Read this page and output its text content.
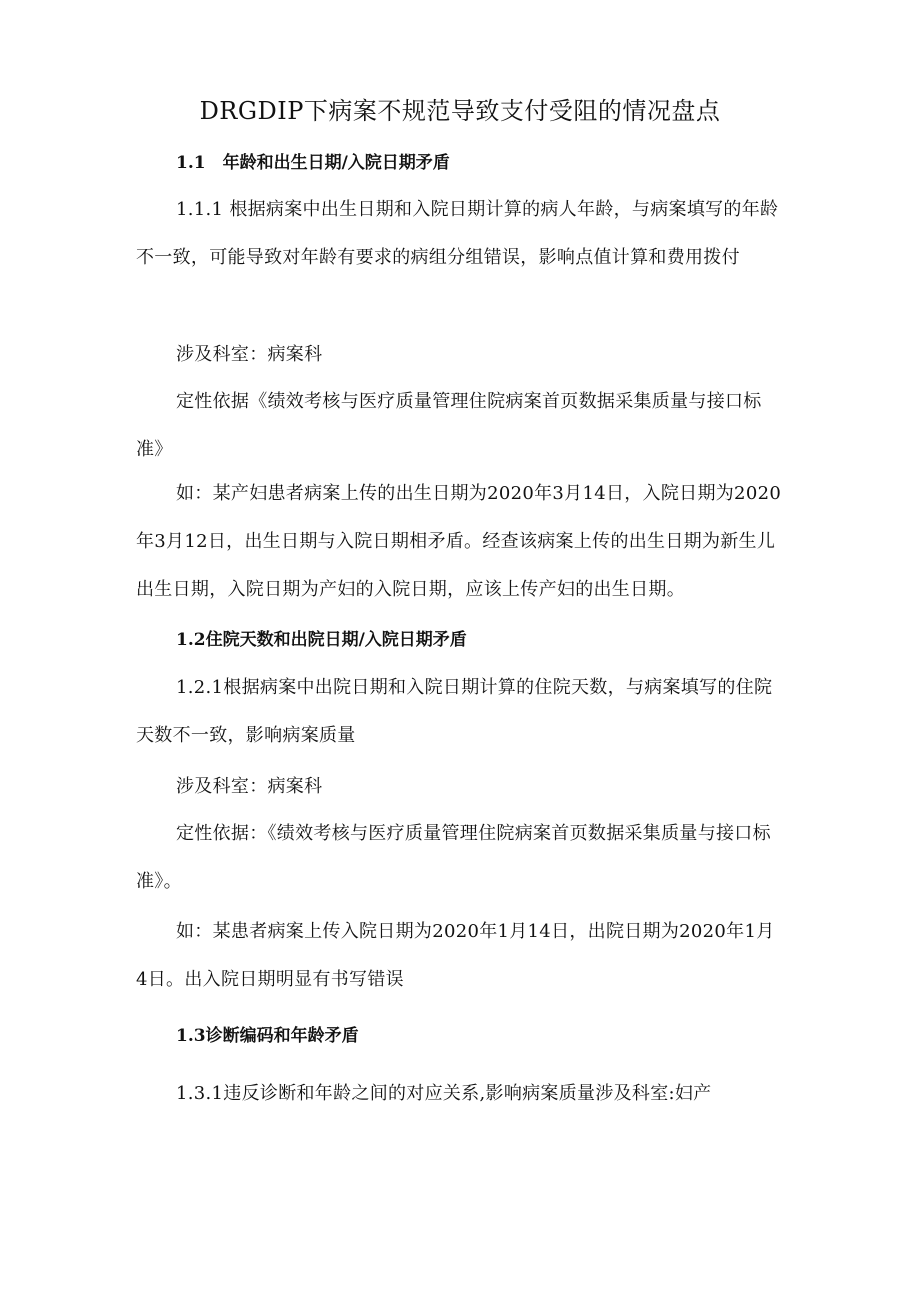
DRGDIP下病案不规范导致支付受阻的情况盘点
1.1　年龄和出生日期/入院日期矛盾

1.1.1 根据病案中出生日期和入院日期计算的病人年龄，与病案填写的年龄不一致，可能导致对年龄有要求的病组分组错误，影响点值计算和费用拨付

涉及科室：病案科

定性依据《绩效考核与医疗质量管理住院病案首页数据采集质量与接口标准》

如：某产妇患者病案上传的出生日期为2020年3月14日，入院日期为2020年3月12日，出生日期与入院日期相矛盾。经查该病案上传的出生日期为新生儿出生日期，入院日期为产妇的入院日期，应该上传产妇的出生日期。

1.2住院天数和出院日期/入院日期矛盾

1.2.1根据病案中出院日期和入院日期计算的住院天数，与病案填写的住院天数不一致，影响病案质量

涉及科室：病案科

定性依据：《绩效考核与医疗质量管理住院病案首页数据采集质量与接口标准》。

如：某患者病案上传入院日期为2020年1月14日，出院日期为2020年1月4日。出入院日期明显有书写错误

1.3诊断编码和年龄矛盾

1.3.1违反诊断和年龄之间的对应关系,影响病案质量涉及科室:妇产
